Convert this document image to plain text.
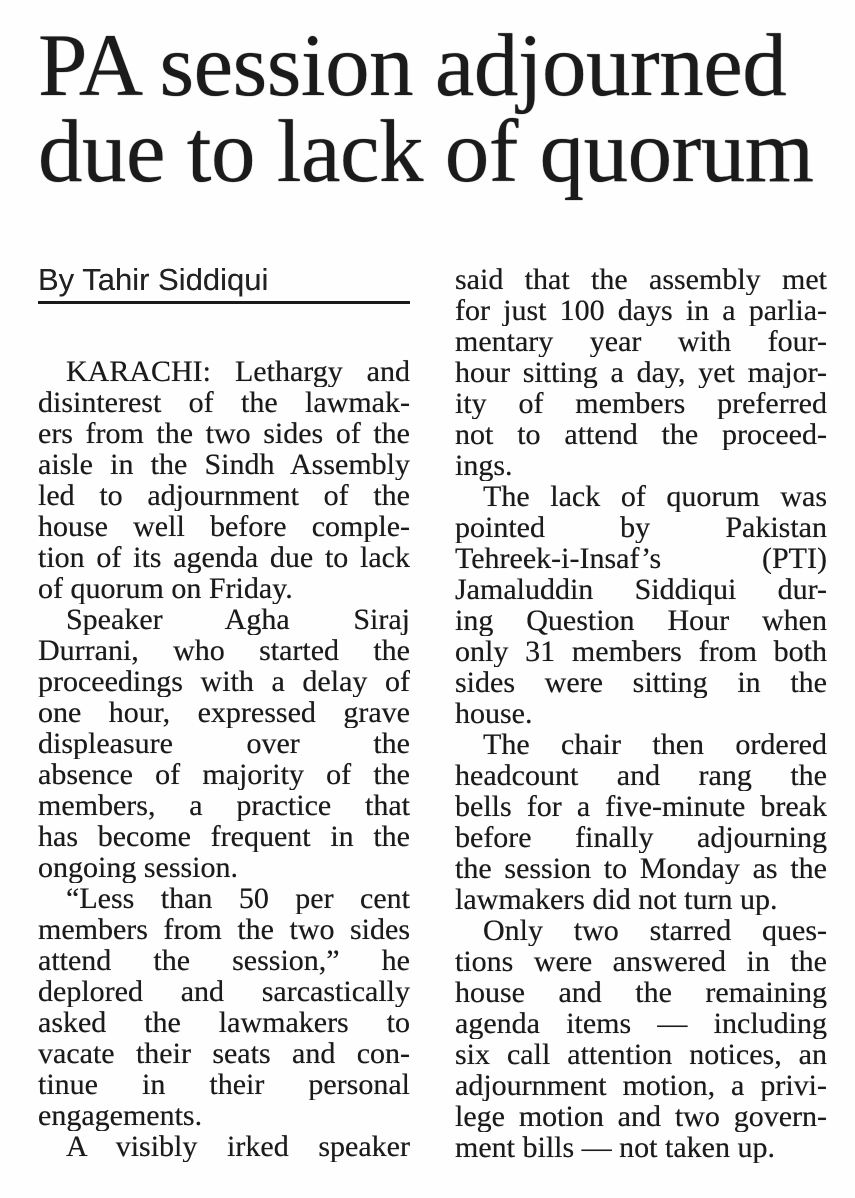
PA session adjourned
due to lack of quorum
By Tahir Siddiqui
KARACHI: Lethargy and
disinterest of the lawmak-
ers from the two sides of the
aisle in the Sindh Assembly
led to adjournment of the
house well before comple-
tion of its agenda due to lack
of quorum on Friday.
Speaker Agha Siraj
Durrani, who started the
proceedings with a delay of
one hour, expressed grave
displeasure over the
absence of majority of the
members, a practice that
has become frequent in the
ongoing session.
“Less than 50 per cent
members from the two sides
attend the session,” he
deplored and sarcastically
asked the lawmakers to
vacate their seats and con-
tinue in their personal
engagements.
A visibly irked speaker
said that the assembly met
for just 100 days in a parlia-
mentary year with four-
hour sitting a day, yet major-
ity of members preferred
not to attend the proceed-
ings.
The lack of quorum was
pointed by Pakistan
Tehreek-i-Insaf’s (PTI)
Jamaluddin Siddiqui dur-
ing Question Hour when
only 31 members from both
sides were sitting in the
house.
The chair then ordered
headcount and rang the
bells for a five-minute break
before finally adjourning
the session to Monday as the
lawmakers did not turn up.
Only two starred ques-
tions were answered in the
house and the remaining
agenda items — including
six call attention notices, an
adjournment motion, a privi-
lege motion and two govern-
ment bills — not taken up.
